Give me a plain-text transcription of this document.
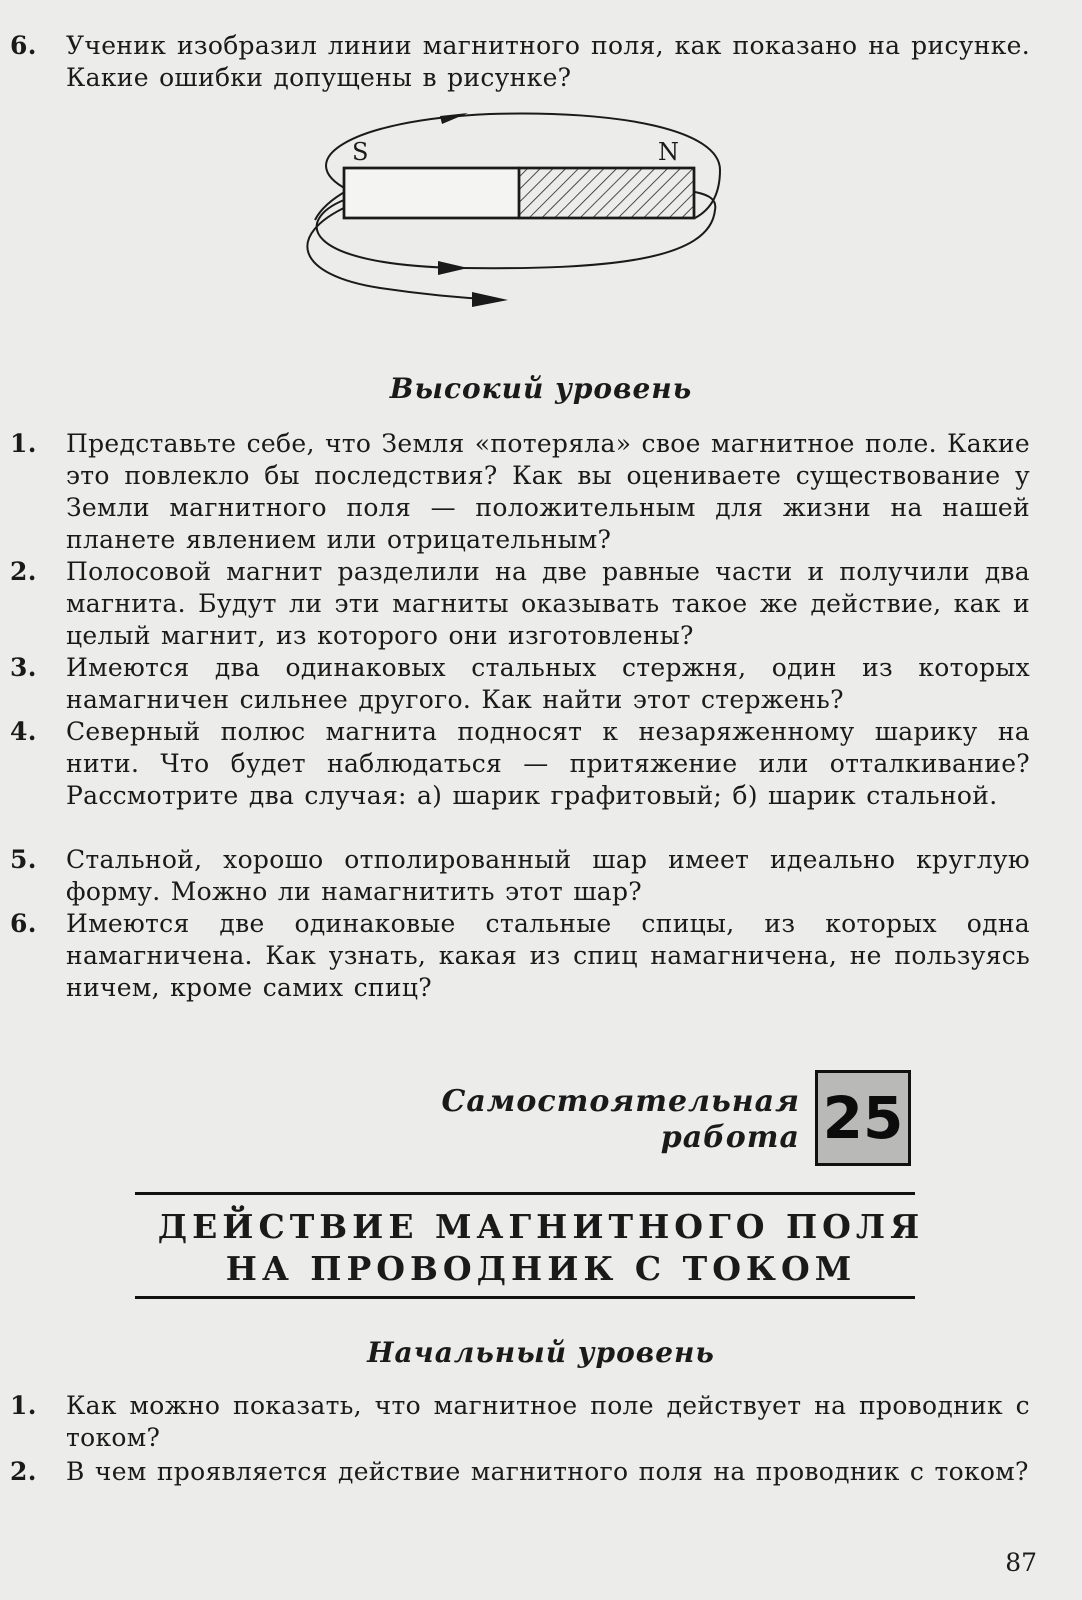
6.	Ученик изобразил линии магнитного поля, как показано на рисунке. Какие ошибки допущены в рисунке?
S	N
Высокий уровень
1.	Представьте себе, что Земля «потеряла» свое магнитное поле. Какие это повлекло бы последствия? Как вы оцениваете существование у Земли магнитного поля — положительным для жизни на нашей планете явлением или отрицательным?
2.	Полосовой магнит разделили на две равные части и получили два магнита. Будут ли эти магниты оказывать такое же действие, как и целый магнит, из которого они изготовлены?
3.	Имеются два одинаковых стальных стержня, один из которых намагничен сильнее другого. Как найти этот стержень?
4.	Северный полюс магнита подносят к незаряженному шарику на нити. Что будет наблюдаться — притяжение или отталкивание? Рассмотрите два случая: а) шарик графитовый; б) шарик стальной.
5.	Стальной, хорошо отполированный шар имеет идеально круглую форму. Можно ли намагнитить этот шар?
6.	Имеются две одинаковые стальные спицы, из которых одна намагничена. Как узнать, какая из спиц намагничена, не пользуясь ничем, кроме самих спиц?
Самостоятельная
работа 25
ДЕЙСТВИЕ МАГНИТНОГО ПОЛЯ
НА ПРОВОДНИК С ТОКОМ
Начальный уровень
1.	Как можно показать, что магнитное поле действует на проводник с током?
2.	В чем проявляется действие магнитного поля на проводник с током?
87
